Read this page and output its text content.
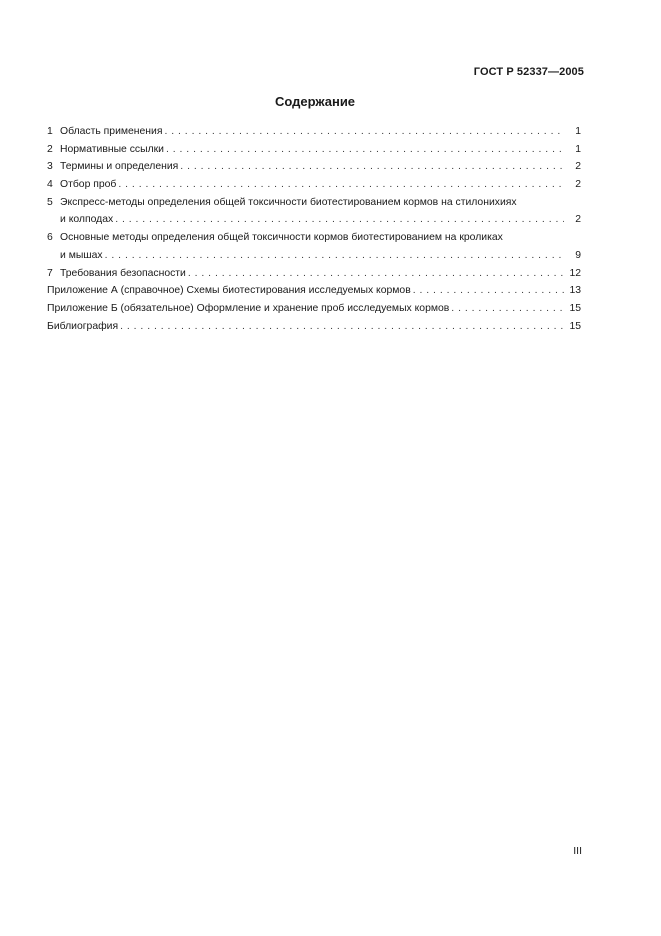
ГОСТ Р 52337—2005
Содержание
1 Область применения . . .	1
2 Нормативные ссылки . . .	1
3 Термины и определения . . .	2
4 Отбор проб . . .	2
5 Экспресс-методы определения общей токсичности биотестированием кормов на стилонихиях
и колподах . . .	2
6 Основные методы определения общей токсичности кормов биотестированием на кроликах
и мышах . . .	9
7 Требования безопасности . . .	12
Приложение А (справочное) Схемы биотестирования исследуемых кормов . . .	13
Приложение Б (обязательное) Оформление и хранение проб исследуемых кормов . . .	15
Библиография . . .	15
III
